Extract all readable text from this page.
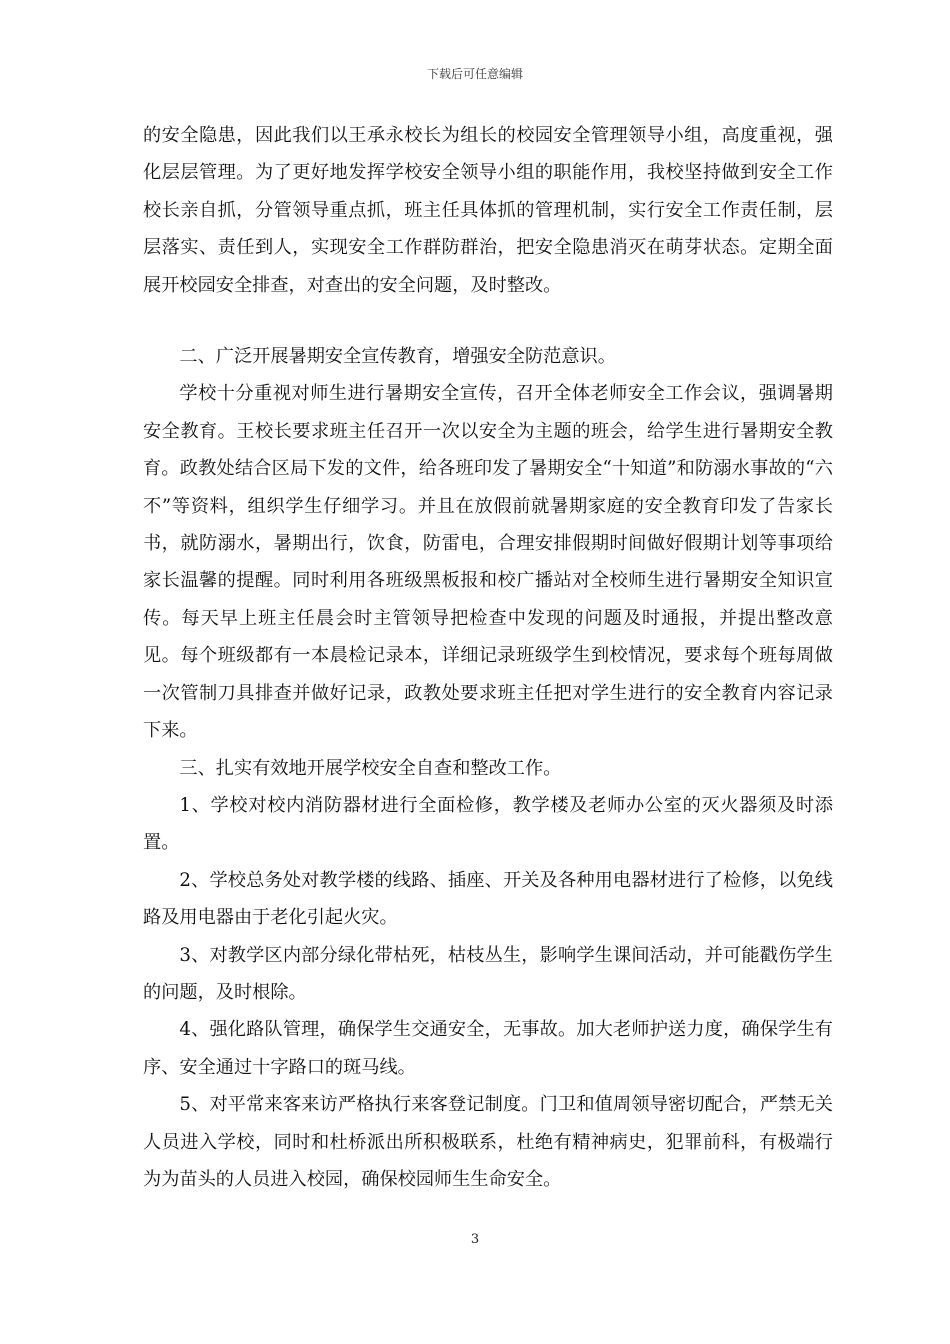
下载后可任意编辑

的安全隐患，因此我们以王承永校长为组长的校园安全管理领导小组，高度重视，强化层层管理。为了更好地发挥学校安全领导小组的职能作用，我校坚持做到安全工作校长亲自抓，分管领导重点抓，班主任具体抓的管理机制，实行安全工作责任制，层层落实、责任到人，实现安全工作群防群治，把安全隐患消灭在萌芽状态。定期全面展开校园安全排查，对查出的安全问题，及时整改。

二、广泛开展暑期安全宣传教育，增强安全防范意识。

学校十分重视对师生进行暑期安全宣传，召开全体老师安全工作会议，强调暑期安全教育。王校长要求班主任召开一次以安全为主题的班会，给学生进行暑期安全教育。政教处结合区局下发的文件，给各班印发了暑期安全“十知道”和防溺水事故的“六不”等资料，组织学生仔细学习。并且在放假前就暑期家庭的安全教育印发了告家长书，就防溺水，暑期出行，饮食，防雷电，合理安排假期时间做好假期计划等事项给家长温馨的提醒。同时利用各班级黑板报和校广播站对全校师生进行暑期安全知识宣传。每天早上班主任晨会时主管领导把检查中发现的问题及时通报，并提出整改意见。每个班级都有一本晨检记录本，详细记录班级学生到校情况，要求每个班每周做一次管制刀具排查并做好记录，政教处要求班主任把对学生进行的安全教育内容记录下来。

三、扎实有效地开展学校安全自查和整改工作。

1、学校对校内消防器材进行全面检修，教学楼及老师办公室的灭火器须及时添置。

2、学校总务处对教学楼的线路、插座、开关及各种用电器材进行了检修，以免线路及用电器由于老化引起火灾。

3、对教学区内部分绿化带枯死，枯枝丛生，影响学生课间活动，并可能戳伤学生的问题，及时根除。

4、强化路队管理，确保学生交通安全，无事故。加大老师护送力度，确保学生有序、安全通过十字路口的斑马线。

5、对平常来客来访严格执行来客登记制度。门卫和值周领导密切配合，严禁无关人员进入学校，同时和杜桥派出所积极联系，杜绝有精神病史，犯罪前科，有极端行为为苗头的人员进入校园，确保校园师生生命安全。

3
